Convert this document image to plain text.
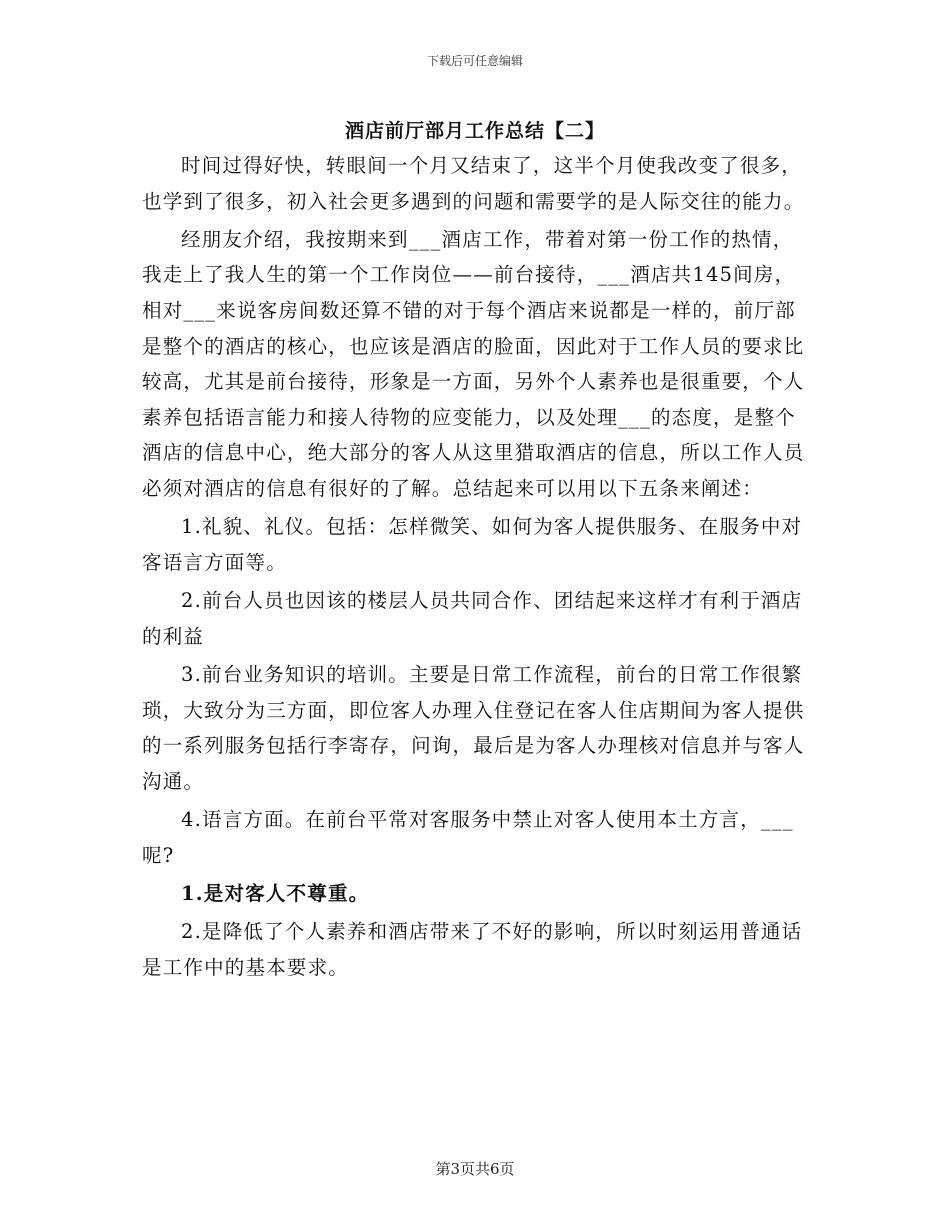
下载后可任意编辑
酒店前厅部月工作总结【二】

时间过得好快，转眼间一个月又结束了，这半个月使我改变了很多，也学到了很多，初入社会更多遇到的问题和需要学的是人际交往的能力。

经朋友介绍，我按期来到___酒店工作，带着对第一份工作的热情，我走上了我人生的第一个工作岗位——前台接待，___酒店共145间房，相对___来说客房间数还算不错的对于每个酒店来说都是一样的，前厅部是整个的酒店的核心，也应该是酒店的脸面，因此对于工作人员的要求比较高，尤其是前台接待，形象是一方面，另外个人素养也是很重要，个人素养包括语言能力和接人待物的应变能力，以及处理___的态度，是整个酒店的信息中心，绝大部分的客人从这里猎取酒店的信息，所以工作人员必须对酒店的信息有很好的了解。总结起来可以用以下五条来阐述：

1.礼貌、礼仪。包括：怎样微笑、如何为客人提供服务、在服务中对客语言方面等。

2.前台人员也因该的楼层人员共同合作、团结起来这样才有利于酒店的利益

3.前台业务知识的培训。主要是日常工作流程，前台的日常工作很繁琐，大致分为三方面，即位客人办理入住登记在客人住店期间为客人提供的一系列服务包括行李寄存，问询，最后是为客人办理核对信息并与客人沟通。

4.语言方面。在前台平常对客服务中禁止对客人使用本土方言，___呢?

1.是对客人不尊重。

2.是降低了个人素养和酒店带来了不好的影响，所以时刻运用普通话是工作中的基本要求。

第3页共6页
